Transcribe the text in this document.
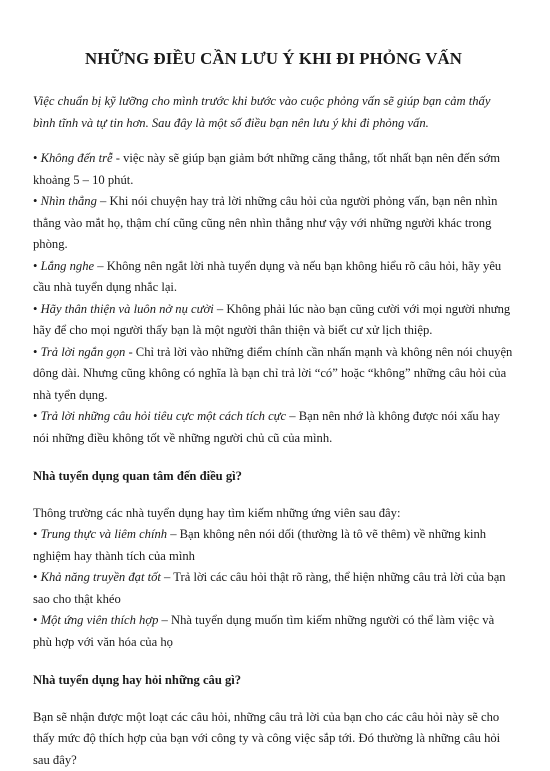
NHỮNG ĐIỀU CẦN LƯU Ý KHI ĐI PHỎNG VẤN

Việc chuẩn bị kỹ lưỡng cho mình trước khi bước vào cuộc phỏng vấn sẽ giúp bạn cảm thấy bình tĩnh và tự tin hơn. Sau đây là một số điều bạn nên lưu ý khi đi phỏng vấn.

• Không đến trễ - việc này sẽ giúp bạn giảm bớt những căng thẳng, tốt nhất bạn nên đến sớm khoảng 5 – 10 phút.

• Nhìn thẳng – Khi nói chuyện hay trả lời những câu hỏi của người phỏng vấn, bạn nên nhìn thẳng vào mắt họ, thậm chí cũng cũng nên nhìn thẳng như vậy với những người khác trong phòng.

• Lắng nghe – Không nên ngắt lời nhà tuyển dụng và nếu bạn không hiểu rõ câu hỏi, hãy yêu cầu nhà tuyển dụng nhắc lại.

• Hãy thân thiện và luôn nở nụ cười – Không phải lúc nào bạn cũng cười với mọi người nhưng hãy để cho mọi người thấy bạn là một người thân thiện và biết cư xử lịch thiệp.

• Trả lời ngắn gọn - Chỉ trả lời vào những điểm chính cần nhấn mạnh và không nên nói chuyện dông dài. Nhưng cũng không có nghĩa là bạn chỉ trả lời “có” hoặc “không” những câu hỏi của nhà tyển dụng.

• Trả lời những câu hỏi tiêu cực một cách tích cực – Bạn nên nhớ là không được nói xấu hay nói những điều không tốt về những người chủ cũ của mình.

Nhà tuyển dụng quan tâm đến điều gì?

Thông trường các nhà tuyển dụng hay tìm kiếm những ứng viên sau đây:

• Trung thực và liêm chính – Bạn không nên nói dối (thường là tô vẽ thêm) về những kinh nghiệm hay thành tích của mình

• Khả năng truyền đạt tốt – Trả lời các câu hỏi thật rõ ràng, thể hiện những câu trả lời của bạn sao cho thật khéo

• Một ứng viên thích hợp – Nhà tuyển dụng muốn tìm kiếm những người có thể làm việc và phù hợp với văn hóa của họ

Nhà tuyển dụng hay hỏi những câu gì?

Bạn sẽ nhận được một loạt các câu hỏi, những câu trả lời của bạn cho các câu hỏi này sẽ cho thấy mức độ thích hợp của bạn với công ty và công việc sắp tới. Đó thường là những câu hỏi sau đây?
